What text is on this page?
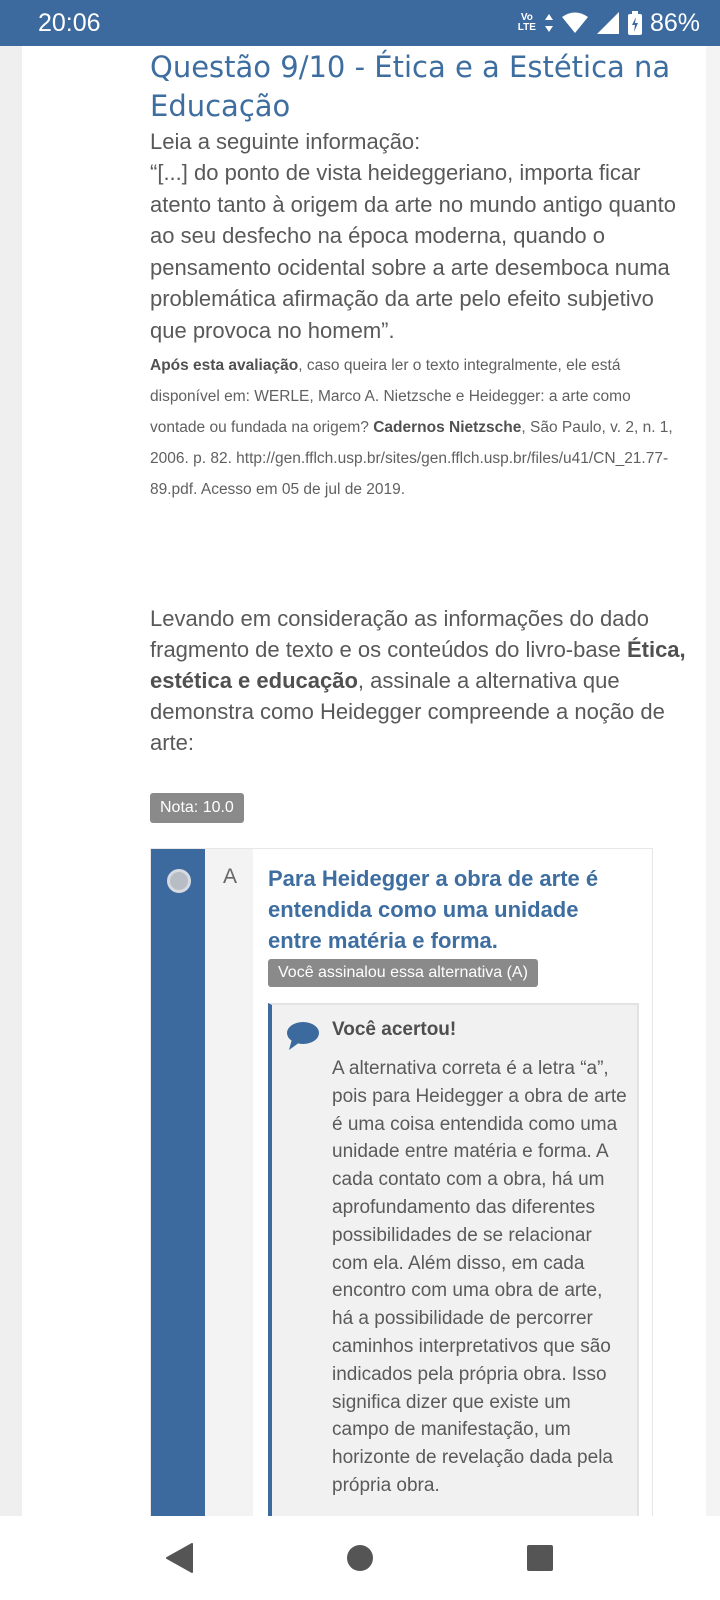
20:06	Vo
LTE	86%
Questão 9/10 - Ética e a Estética na Educação

Leia a seguinte informação:

“[...] do ponto de vista heideggeriano, importa ficar atento tanto à origem da arte no mundo antigo quanto ao seu desfecho na época moderna, quando o pensamento ocidental sobre a arte desemboca numa problemática afirmação da arte pelo efeito subjetivo que provoca no homem”.

Após esta avaliação, caso queira ler o texto integralmente, ele está disponível em: WERLE, Marco A. Nietzsche e Heidegger: a arte como vontade ou fundada na origem? Cadernos Nietzsche, São Paulo, v. 2, n. 1, 2006. p. 82. http://gen.fflch.usp.br/sites/gen.fflch.usp.br/files/u41/CN_21.77-89.pdf. Acesso em 05 de jul de 2019.

Levando em consideração as informações do dado fragmento de texto e os conteúdos do livro-base Ética, estética e educação, assinale a alternativa que demonstra como Heidegger compreende a noção de arte:

Nota: 10.0
A Para Heidegger a obra de arte é entendida como uma unidade entre matéria e forma.
Você assinalou essa alternativa (A)
Você acertou!
A alternativa correta é a letra “a”, pois para Heidegger a obra de arte é uma coisa entendida como uma unidade entre matéria e forma. A cada contato com a obra, há um aprofundamento das diferentes possibilidades de se relacionar com ela. Além disso, em cada encontro com uma obra de arte, há a possibilidade de percorrer caminhos interpretativos que são indicados pela própria obra. Isso significa dizer que existe um campo de manifestação, um horizonte de revelação dada pela própria obra.
